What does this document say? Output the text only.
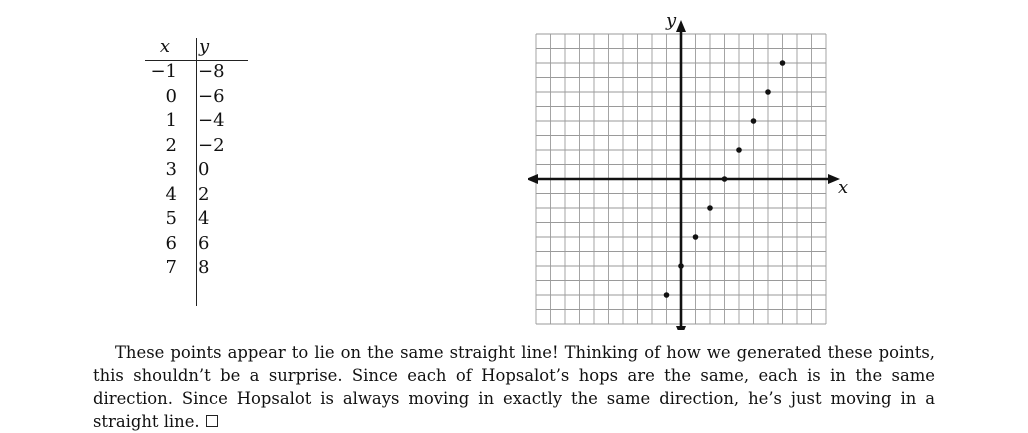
x
−1
0
1
2
3
4
5
6
7
y
−8
−6
−4
−2
0
2
4
6
8
x
y
These points appear to lie on the same straight line! Thinking of how we generated these points, this shouldn’t be a surprise. Since each of Hopsalot’s hops are the same, each is in the same direction. Since Hopsalot is always moving in exactly the same direction, he’s just moving in a straight line.
